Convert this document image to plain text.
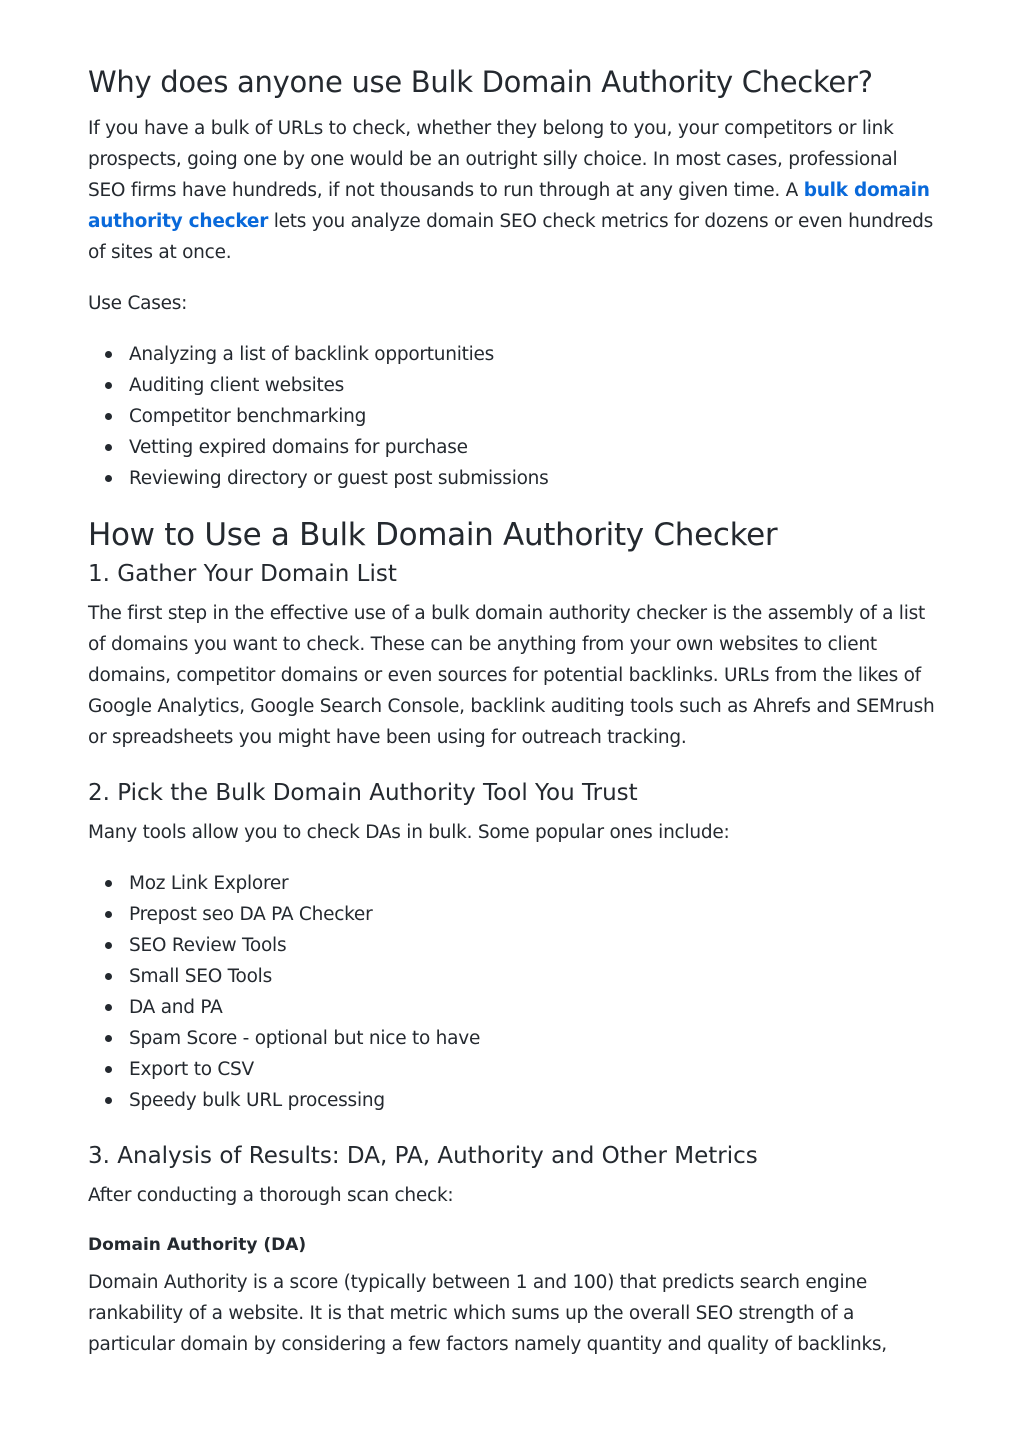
Why does anyone use Bulk Domain Authority Checker?

If you have a bulk of URLs to check, whether they belong to you, your competitors or link prospects, going one by one would be an outright silly choice. In most cases, professional SEO firms have hundreds, if not thousands to run through at any given time. A bulk domain authority checker lets you analyze domain SEO check metrics for dozens or even hundreds of sites at once.

Use Cases:

Analyzing a list of backlink opportunities
Auditing client websites
Competitor benchmarking
Vetting expired domains for purchase
Reviewing directory or guest post submissions
How to Use a Bulk Domain Authority Checker
1. Gather Your Domain List

The first step in the effective use of a bulk domain authority checker is the assembly of a list of domains you want to check. These can be anything from your own websites to client domains, competitor domains or even sources for potential backlinks. URLs from the likes of Google Analytics, Google Search Console, backlink auditing tools such as Ahrefs and SEMrush or spreadsheets you might have been using for outreach tracking.

2. Pick the Bulk Domain Authority Tool You Trust

Many tools allow you to check DAs in bulk. Some popular ones include:

Moz Link Explorer
Prepost seo DA PA Checker
SEO Review Tools
Small SEO Tools
DA and PA
Spam Score - optional but nice to have
Export to CSV
Speedy bulk URL processing
3. Analysis of Results: DA, PA, Authority and Other Metrics

After conducting a thorough scan check:

Domain Authority (DA)

Domain Authority is a score (typically between 1 and 100) that predicts search engine rankability of a website. It is that metric which sums up the overall SEO strength of a particular domain by considering a few factors namely quantity and quality of backlinks,
